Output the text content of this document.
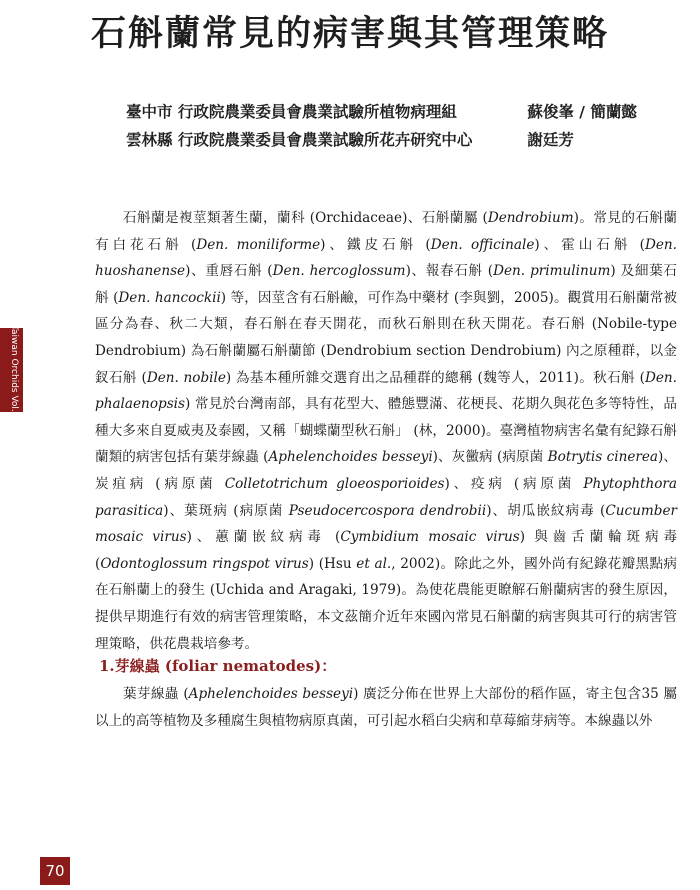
石斛蘭常見的病害與其管理策略
臺中市 行政院農業委員會農業試驗所植物病理組	蘇俊峯 / 簡蘭懿
雲林縣 行政院農業委員會農業試驗所花卉研究中心	謝廷芳

石斛蘭是複莖類著生蘭，蘭科 (Orchidaceae)、石斛蘭屬 (Dendrobium)。常見的石斛蘭有白花石斛 (Den. moniliforme)、鐵皮石斛 (Den. officinale)、霍山石斛 (Den. huoshanense)、重唇石斛 (Den. hercoglossum)、報春石斛 (Den. primulinum) 及細葉石斛 (Den. hancockii) 等，因莖含有石斛鹼，可作為中藥材 (李與劉，2005)。觀賞用石斛蘭常被區分為春、秋二大類，春石斛在春天開花，而秋石斛則在秋天開花。春石斛 (Nobile-type Dendrobium) 為石斛蘭屬石斛蘭節 (Dendrobium section Dendrobium) 內之原種群，以金釵石斛 (Den. nobile) 為基本種所雜交選育出之品種群的總稱 (魏等人，2011)。秋石斛 (Den. phalaenopsis) 常見於台灣南部，具有花型大、體態豐滿、花梗長、花期久與花色多等特性，品種大多來自夏威夷及泰國，又稱「蝴蝶蘭型秋石斛」 (林，2000)。臺灣植物病害名彙有紀錄石斛蘭類的病害包括有葉芽線蟲 (Aphelenchoides besseyi)、灰黴病 (病原菌 Botrytis cinerea)、炭疽病 (病原菌 Colletotrichum gloeosporioides)、疫病 (病原菌 Phytophthora parasitica)、葉斑病 (病原菌 Pseudocercospora dendrobii)、胡瓜嵌紋病毒 (Cucumber mosaic virus)、蕙蘭嵌紋病毒 (Cymbidium mosaic virus) 與齒舌蘭輪斑病毒 (Odontoglossum ringspot virus) (Hsu et al., 2002)。除此之外，國外尚有紀錄花瓣黑點病在石斛蘭上的發生 (Uchida and Aragaki, 1979)。為使花農能更瞭解石斛蘭病害的發生原因，提供早期進行有效的病害管理策略，本文茲簡介近年來國內常見石斛蘭的病害與其可行的病害管理策略，供花農栽培參考。

1.芽線蟲 (foliar nematodes)：

葉芽線蟲 (Aphelenchoides besseyi) 廣泛分佈在世界上大部份的稻作區，寄主包含35 屬以上的高等植物及多種腐生與植物病原真菌，可引起水稻白尖病和草莓縮芽病等。本線蟲以外

Taiwan Orchids Vol.18
70
